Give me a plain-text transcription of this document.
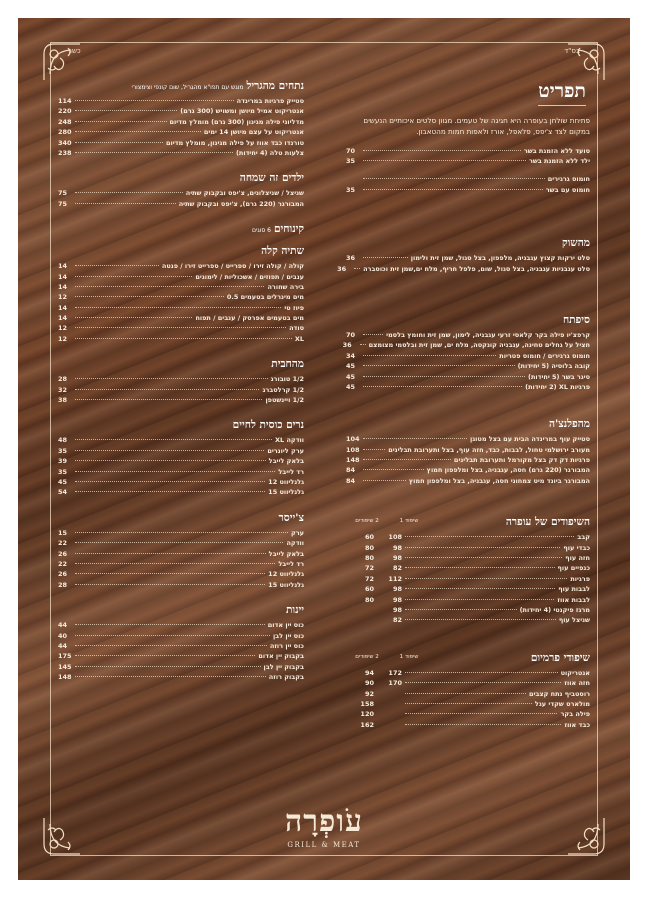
בס"ד
כשר
תפריט
פתיחת שולחן בעופרה היא חגיגה של טעמים. מגוון סלטים איכותיים הנעשים במקום לצד צ'יפס, פלאפל, אורז ולאפות חמות מהטאבון.
סועד ללא הזמנת בשר
70
ילד ללא הזמנת בשר
35
חומוס גרגירים
חומוס עם בשר
35
מהשוק
סלט ירקות קצוץ עגבניה, מלפפון, בצל סגול, שמן זית ולימון
36
סלט עגבניות עגבניה, בצל סגול, שום, פלפל חריף, מלח ים,שמן זית וכוסברה
36
סיפתח
קרפצ'יו פילה בקר קלאסי זרעי עגבניה, לימון, שמן זית וחומץ בלסמי
70
חציל על גחלים טחינה, עגבניה קונקסה, מלח ים, שמן זית ובלסמי מצומצם
36
חומוס גרגירים / חומוס פטריות
34
קובה בלוסיה (5 יחידות)
45
סיגר בשר (5 יחידות)
45
פרגיות XL (2 יחידות)
45
מהפלנצ'ה
סטייק עוף במרינדה הבית עם בצל מטוגן
104
מעורב ירושלמי טחול, לבבות, כבד, חזה עוף, בצל ותערובת תבלינים
108
פרגיות דק דק בצל מקורמל ותערובת תבלינים
148
המבורגר (220 גרם) חסה, עגבניה, בצל ומלפפון חמוץ
84
המבורגר ביונד מיט צמחוני חסה, עגבניה, בצל ומלפפון חמוץ
84
השיפודים של עופרה
שיפוד 1
2 שיפודים
קבב
108
60
כבדי עוף
98
80
חזה עוף
98
80
כנפיים עוף
82
72
פרגיות
112
72
לבבות עוף
98
60
לבבות אווז
98
80
מרגז פיקנטי (4 יחידות)
98
שניצל עוף
82
שיפודי פרמיום
שיפוד 1
2 שיפודים
אנטריקוט
172
94
חזה אווז
170
90
רוסטביף נתח קצבים
92
מולארס שקדי עגל
158
פילה בקר
120
כבד אווז
162
נתחים מהגרילמוגש עם תפו"א מהגריל, שום קונפי וצימצורי
סטייק פרגיות במרינדה
114
אנטריקוט אמיל מיושן ומשויש (300 גרם)
220
מדליוני פילה מגינון (300 גרם) מומלץ מדיום
248
אנטריקוט על עצם מיושן 14 ימים
280
טורנדו כבד אווז על פילה מגינון, מומלץ מדיום
340
צלעות טלה (4 יחידות)
238
ילדים זה שמחה
שניצל / שניצלונים, צ'יפס ובקבוק שתיה
75
המבורגר (220 גרם), צ'יפס ובקבוק שתיה
75
קינוחים6 סוגים
שתיה קלה
קולה / קולה זירו / ספרייט / ספרייט זירו / פנטה
14
ענבים / תפוזים / אשכוליות / לימונים
14
בירה שחורה
14
מים מינרלים בטעמים 0.5
12
פיוז טי
14
מים בטעמים אפרסק / ענבים / תפוח
14
סודה
12
XL
12
מהחבית
1/2 טובורג
28
1/2 קרלסברג
32
1/2 ויינשטפן
38
נרים כוסית לחיים
וודקה XL
48
ערק ליונרים
35
בלאק לייבל
39
רד לייבל
35
גלנליווט 12
45
גלנליווט 15
54
צ'ייסר
ערק
15
וודקה
22
בלאק לייבל
26
רד לייבל
22
גלנליווט 12
26
גלנליווט 15
28
יינות
כוס יין אדום
44
כוס יין לבן
40
כוס יין רוזה
44
בקבוק יין אדום
175
בקבוק יין לבן
145
בקבוק רוזה
148
עֹופְרָה
GRILL & MEAT
